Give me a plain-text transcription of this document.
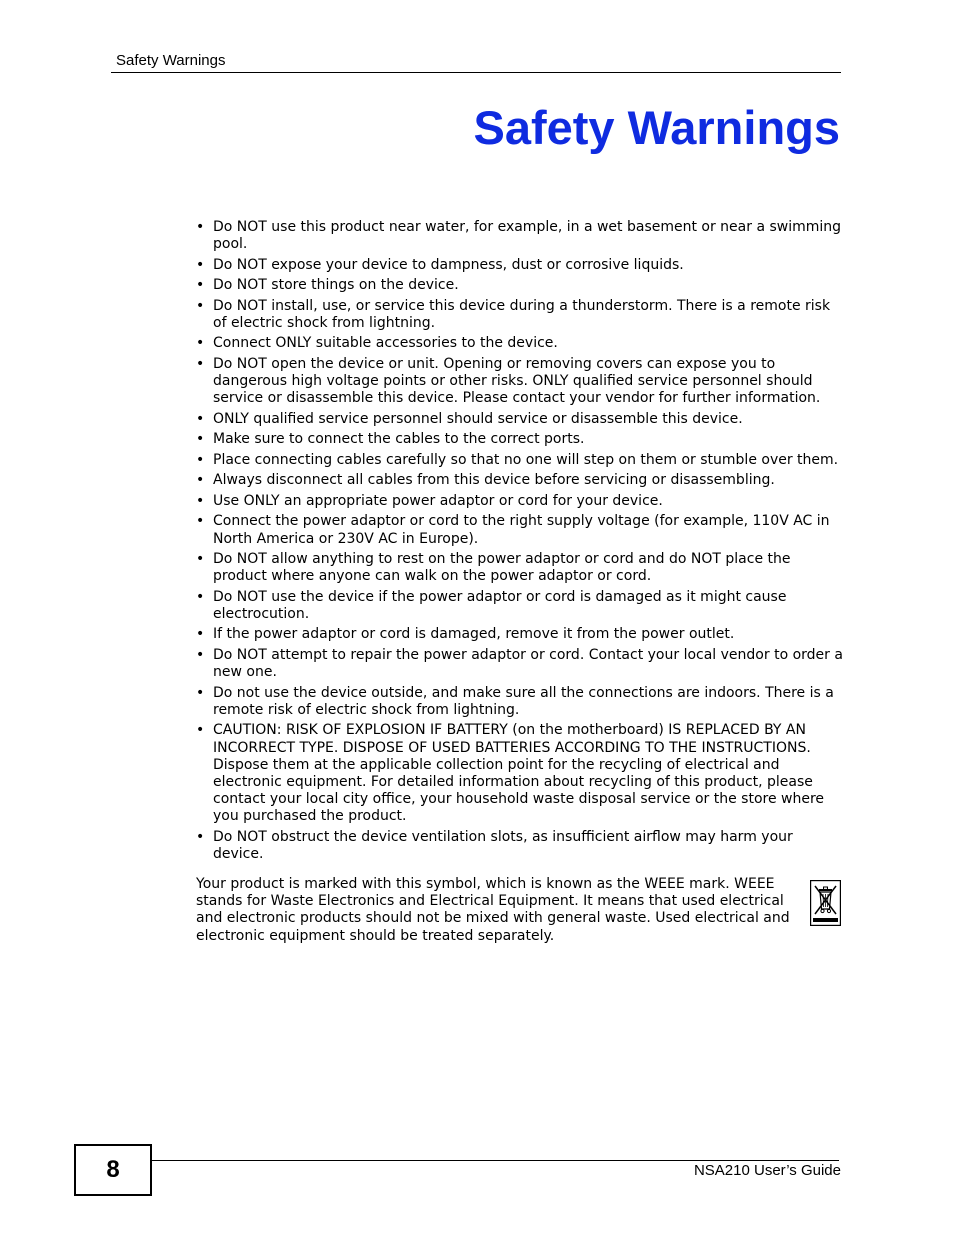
Safety Warnings
Safety Warnings
• Do NOT use this product near water, for example, in a wet basement or near a swimming pool.
• Do NOT expose your device to dampness, dust or corrosive liquids.
• Do NOT store things on the device.
• Do NOT install, use, or service this device during a thunderstorm. There is a remote risk of electric shock from lightning.
• Connect ONLY suitable accessories to the device.
• Do NOT open the device or unit. Opening or removing covers can expose you to dangerous high voltage points or other risks. ONLY qualified service personnel should service or disassemble this device. Please contact your vendor for further information.
• ONLY qualified service personnel should service or disassemble this device.
• Make sure to connect the cables to the correct ports.
• Place connecting cables carefully so that no one will step on them or stumble over them.
• Always disconnect all cables from this device before servicing or disassembling.
• Use ONLY an appropriate power adaptor or cord for your device.
• Connect the power adaptor or cord to the right supply voltage (for example, 110V AC in North America or 230V AC in Europe).
• Do NOT allow anything to rest on the power adaptor or cord and do NOT place the product where anyone can walk on the power adaptor or cord.
• Do NOT use the device if the power adaptor or cord is damaged as it might cause electrocution.
• If the power adaptor or cord is damaged, remove it from the power outlet.
• Do NOT attempt to repair the power adaptor or cord. Contact your local vendor to order a new one.
• Do not use the device outside, and make sure all the connections are indoors. There is a remote risk of electric shock from lightning.
• CAUTION: RISK OF EXPLOSION IF BATTERY (on the motherboard) IS REPLACED BY AN INCORRECT TYPE. DISPOSE OF USED BATTERIES ACCORDING TO THE INSTRUCTIONS. Dispose them at the applicable collection point for the recycling of electrical and electronic equipment. For detailed information about recycling of this product, please contact your local city office, your household waste disposal service or the store where you purchased the product.
• Do NOT obstruct the device ventilation slots, as insufficient airflow may harm your device.

Your product is marked with this symbol, which is known as the WEEE mark. WEEE stands for Waste Electronics and Electrical Equipment. It means that used electrical and electronic products should not be mixed with general waste. Used electrical and electronic equipment should be treated separately.

8	NSA210 User’s Guide
